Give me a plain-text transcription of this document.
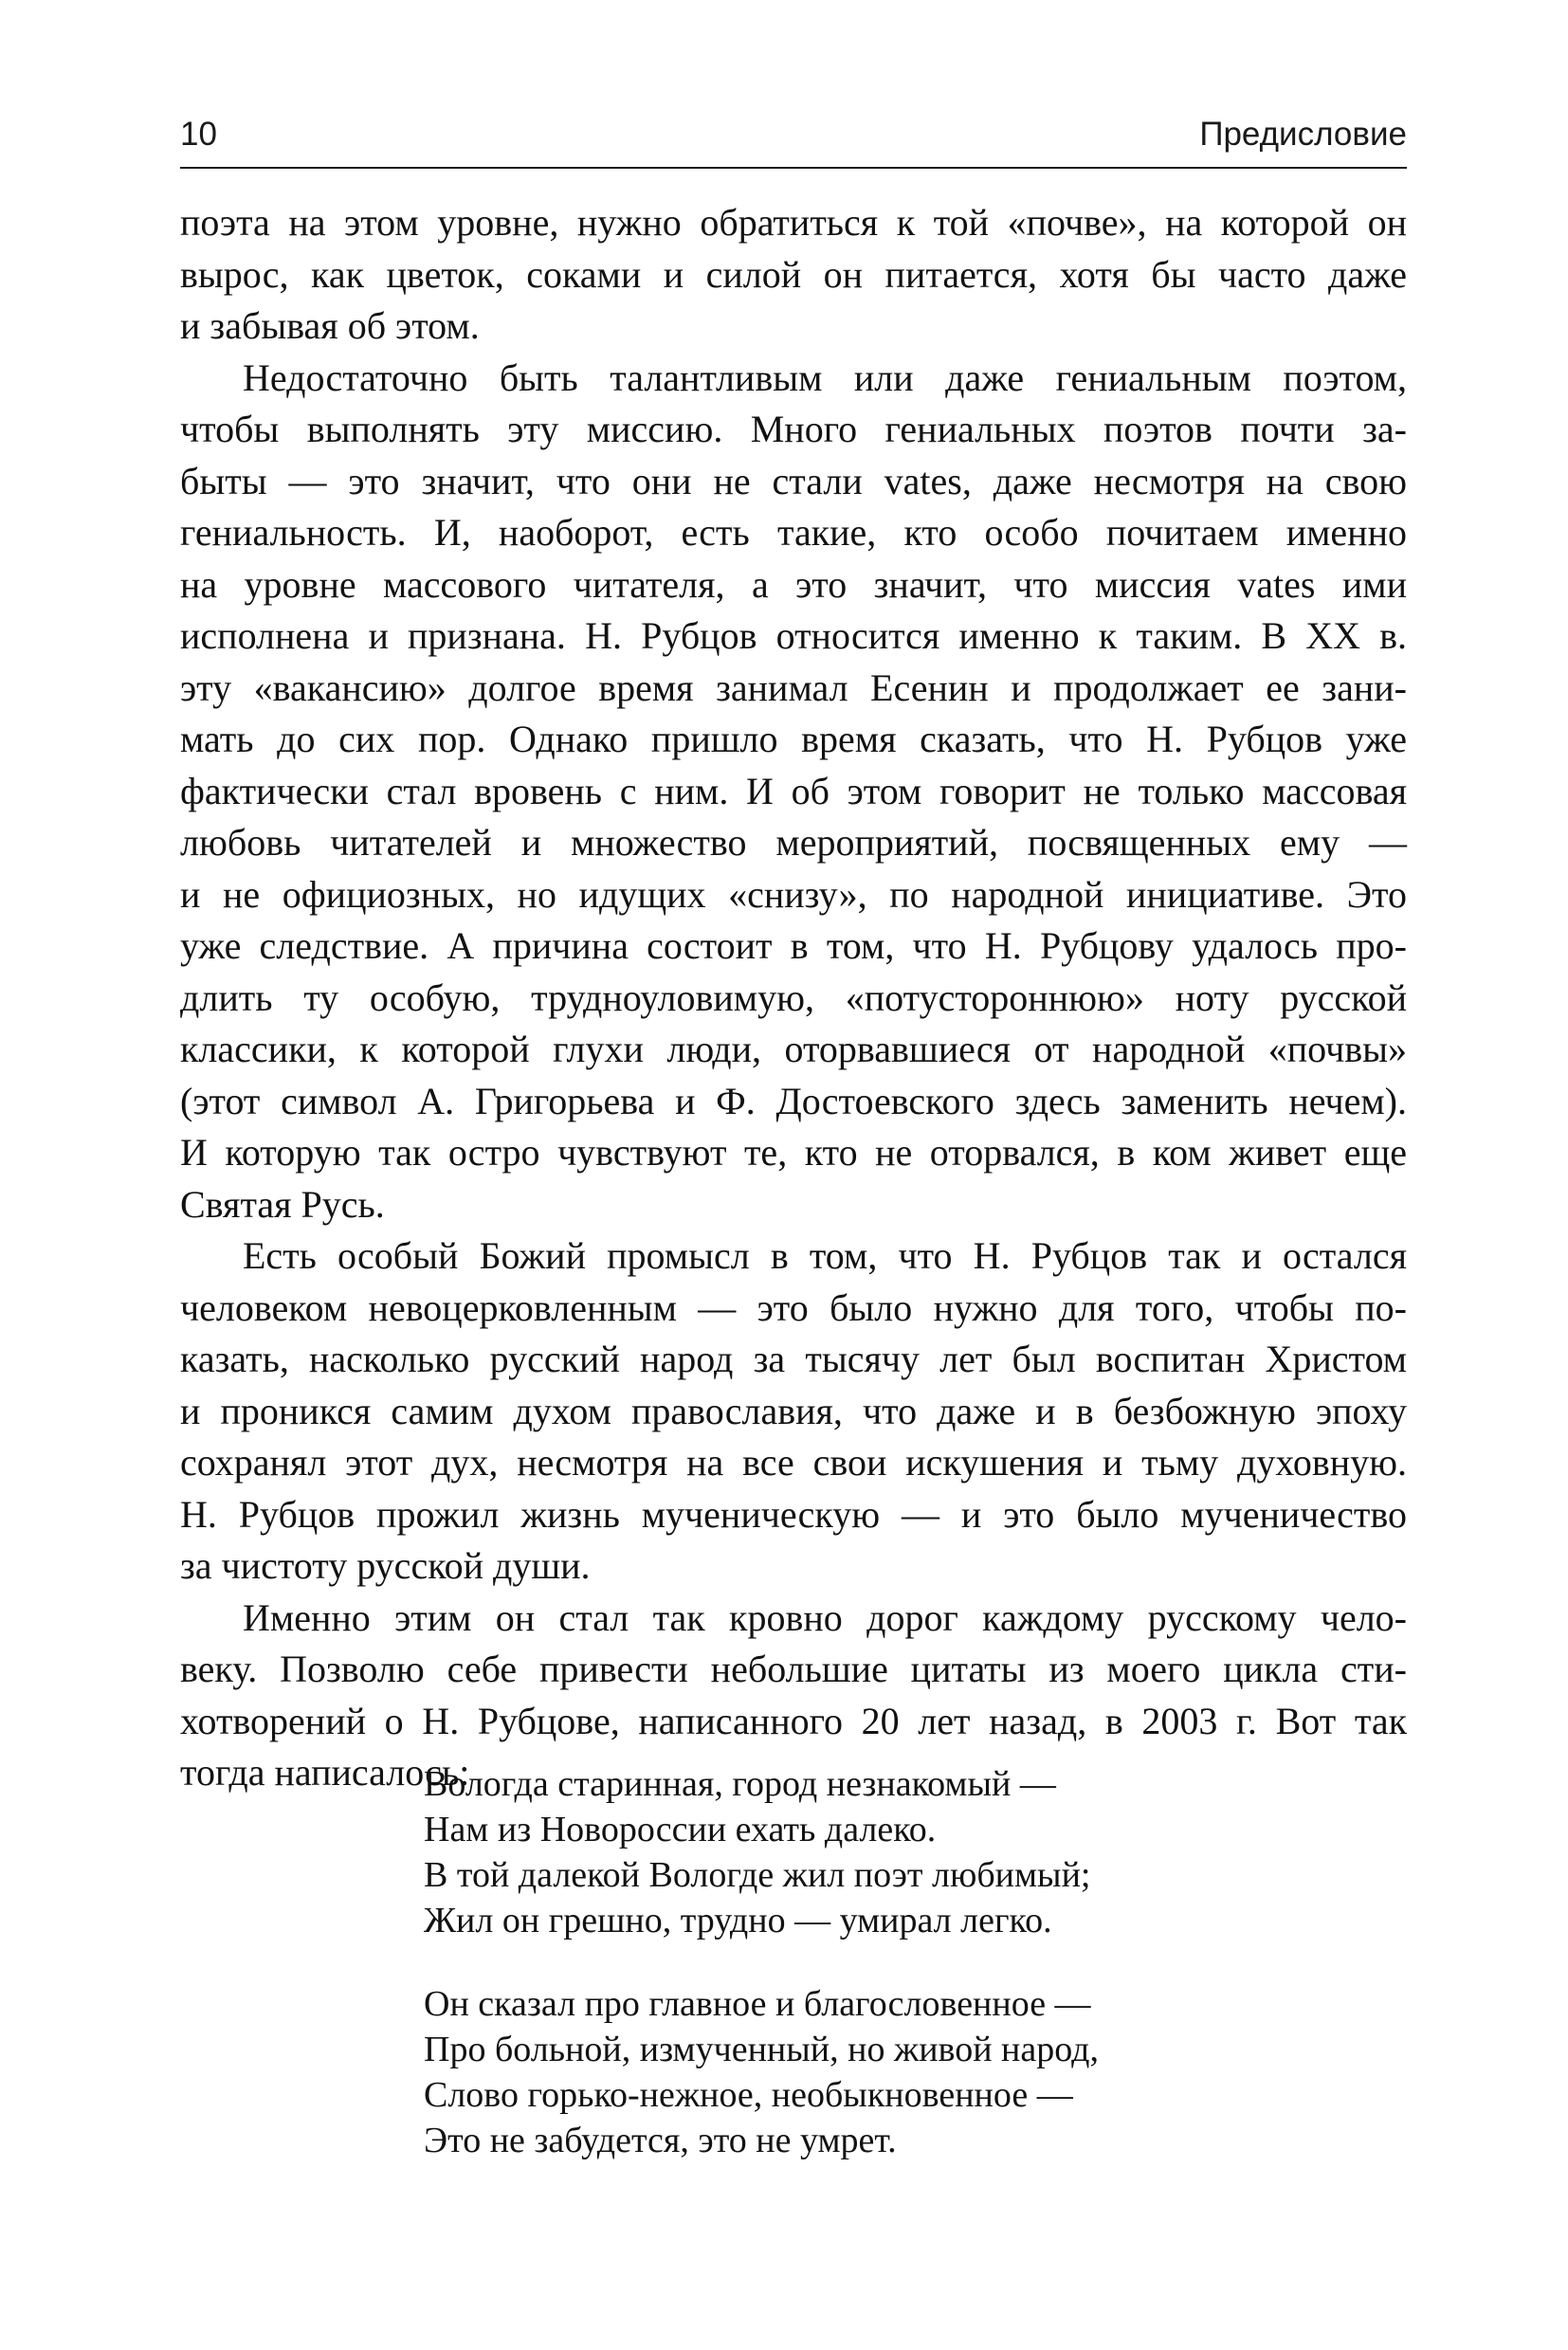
10	Предисловие
поэта на этом уровне, нужно обратиться к той «почве», на которой он
вырос, как цветок, соками и силой он питается, хотя бы часто даже
и забывая об этом.
Недостаточно быть талантливым или даже гениальным поэтом,
чтобы выполнять эту миссию. Много гениальных поэтов почти за-
быты — это значит, что они не стали vates, даже несмотря на свою
гениальность. И, наоборот, есть такие, кто особо почитаем именно
на уровне массового читателя, а это значит, что миссия vates ими
исполнена и признана. Н. Рубцов относится именно к таким. В XX в.
эту «вакансию» долгое время занимал Есенин и продолжает ее зани-
мать до сих пор. Однако пришло время сказать, что Н. Рубцов уже
фактически стал вровень с ним. И об этом говорит не только массовая
любовь читателей и множество мероприятий, посвященных ему —
и не официозных, но идущих «снизу», по народной инициативе. Это
уже следствие. А причина состоит в том, что Н. Рубцову удалось про-
длить ту особую, трудноуловимую, «потустороннюю» ноту русской
классики, к которой глухи люди, оторвавшиеся от народной «почвы»
(этот символ А. Григорьева и Ф. Достоевского здесь заменить нечем).
И которую так остро чувствуют те, кто не оторвался, в ком живет еще
Святая Русь.
Есть особый Божий промысл в том, что Н. Рубцов так и остался
человеком невоцерковленным — это было нужно для того, чтобы по-
казать, насколько русский народ за тысячу лет был воспитан Христом
и проникся самим духом православия, что даже и в безбожную эпоху
сохранял этот дух, несмотря на все свои искушения и тьму духовную.
Н. Рубцов прожил жизнь мученическую — и это было мученичество
за чистоту русской души.
Именно этим он стал так кровно дорог каждому русскому чело-
веку. Позволю себе привести небольшие цитаты из моего цикла сти-
хотворений о Н. Рубцове, написанного 20 лет назад, в 2003 г. Вот так
тогда написалось:
Вологда старинная, город незнакомый —
Нам из Новороссии ехать далеко.
В той далекой Вологде жил поэт любимый;
Жил он грешно, трудно — умирал легко.
Он сказал про главное и благословенное —
Про больной, измученный, но живой народ,
Слово горько-нежное, необыкновенное —
Это не забудется, это не умрет.
